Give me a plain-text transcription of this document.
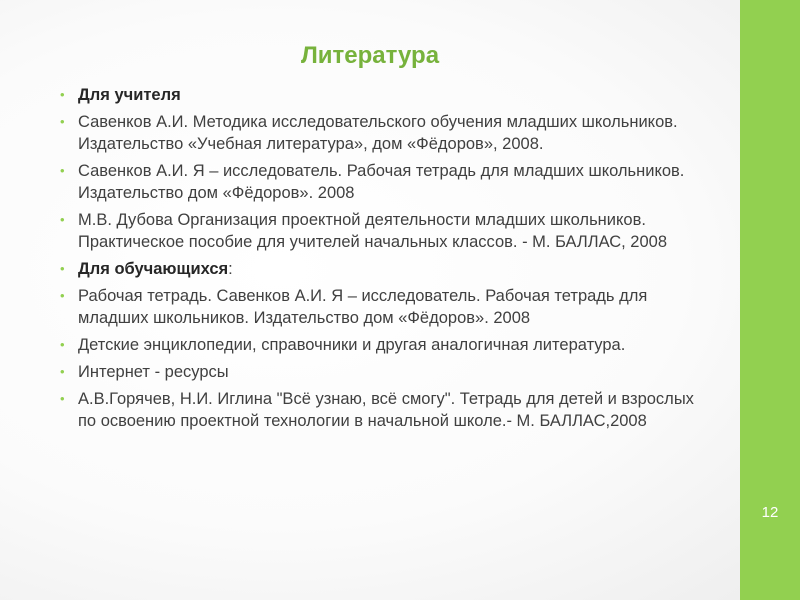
Литература
• Для учителя
• Савенков А.И. Методика исследовательского обучения младших школьников. Издательство «Учебная литература», дом «Фёдоров», 2008.
• Савенков А.И. Я – исследователь. Рабочая тетрадь для младших школьников. Издательство дом «Фёдоров». 2008
• М.В. Дубова Организация проектной деятельности младших школьников. Практическое пособие для учителей начальных классов. - М. БАЛЛАС, 2008
• Для обучающихся:
• Рабочая тетрадь. Савенков А.И. Я – исследователь. Рабочая тетрадь для младших школьников. Издательство дом «Фёдоров». 2008
• Детские энциклопедии, справочники и другая аналогичная литература.
• Интернет - ресурсы
• А.В.Горячев, Н.И. Иглина "Всё узнаю, всё смогу". Тетрадь для детей и взрослых по освоению проектной технологии в начальной школе.- М. БАЛЛАС,2008
12
